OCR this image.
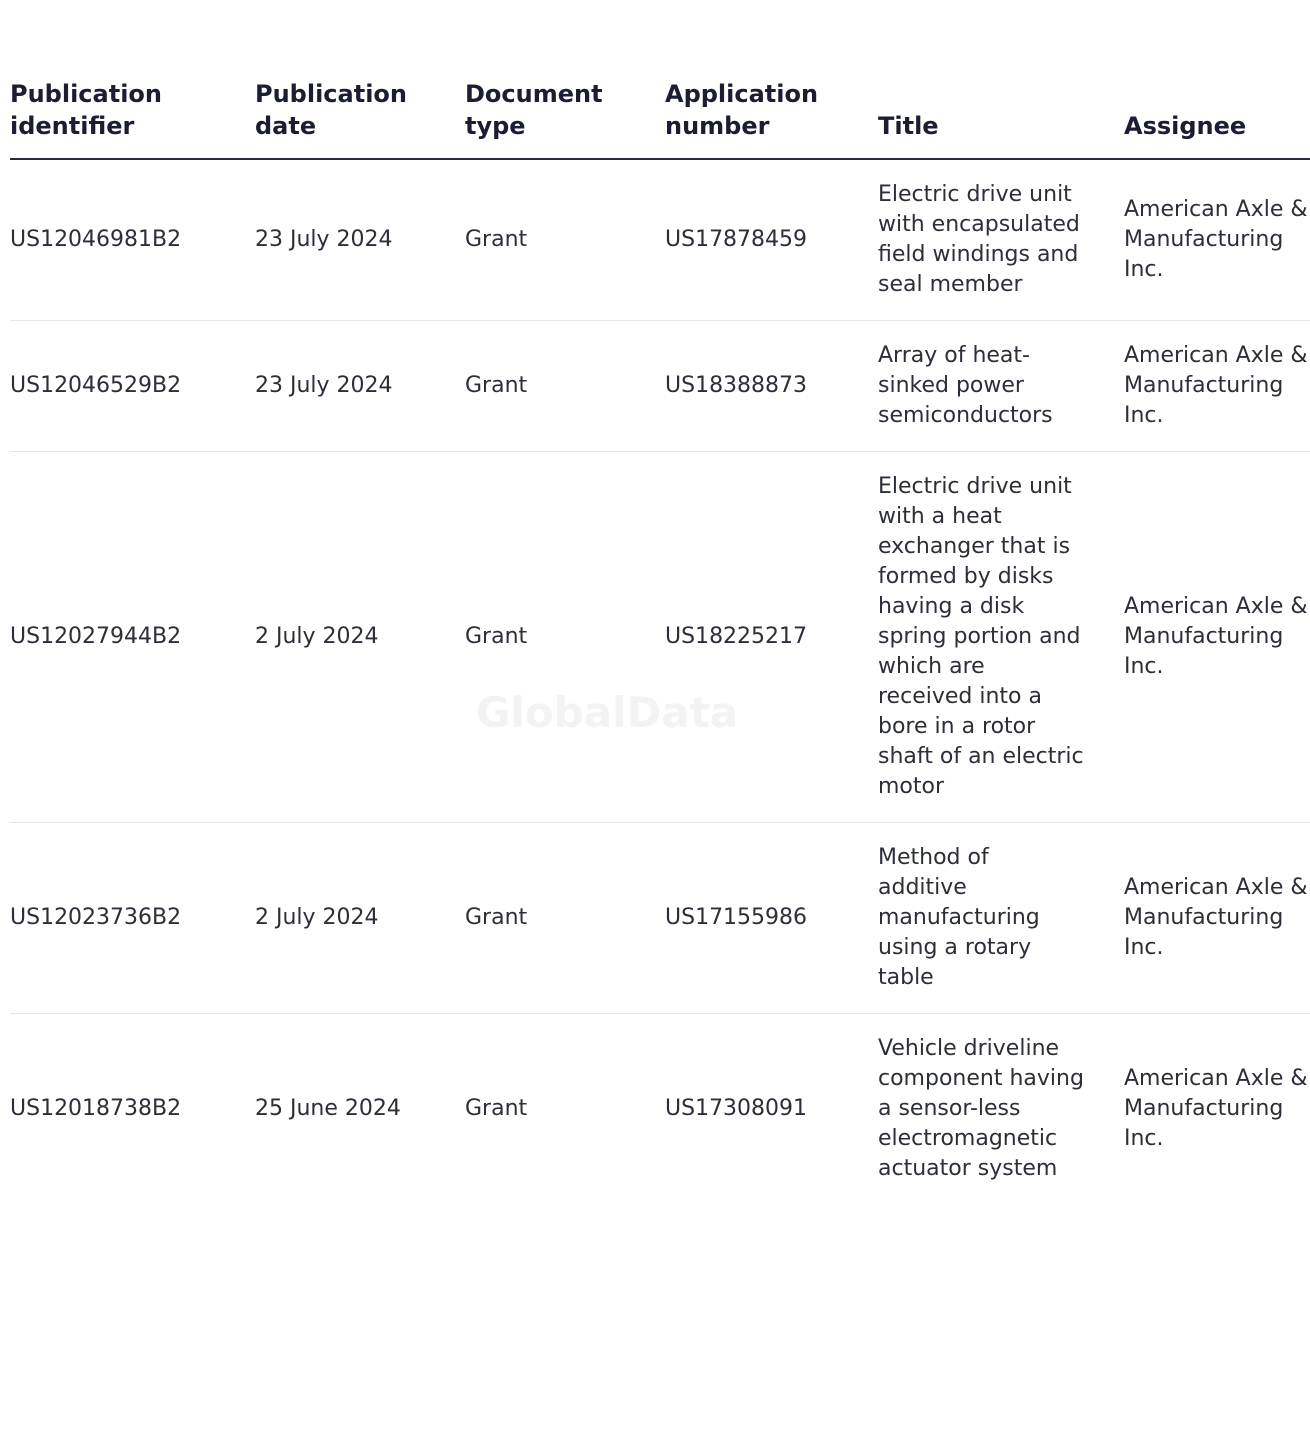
Publication identifier	Publication date	Document type	Application number	Title	Assignee
US12046981B2	23 July 2024	Grant	US17878459	Electric drive unit with encapsulated field windings and seal member	American Axle & Manufacturing Inc.
US12046529B2	23 July 2024	Grant	US18388873	Array of heat-sinked power semiconductors	American Axle & Manufacturing Inc.
US12027944B2	2 July 2024	Grant	US18225217	Electric drive unit with a heat exchanger that is formed by disks having a disk spring portion and which are received into a bore in a rotor shaft of an electric motor	American Axle & Manufacturing Inc.
US12023736B2	2 July 2024	Grant	US17155986	Method of additive manufacturing using a rotary table	American Axle & Manufacturing Inc.
US12018738B2	25 June 2024	Grant	US17308091	Vehicle driveline component having a sensor-less electromagnetic actuator system	American Axle & Manufacturing Inc.
GlobalData
